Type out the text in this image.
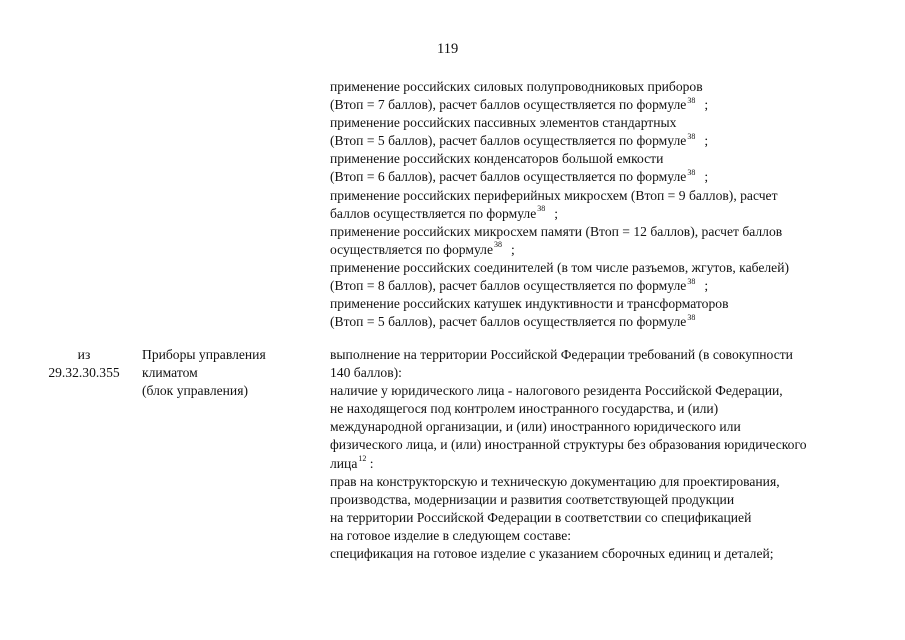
119
применение российских силовых полупроводниковых приборов
(Втоп = 7 баллов), расчет баллов осуществляется по формуле$^{38}$ ;
применение российских пассивных элементов стандартных
(Втоп = 5 баллов), расчет баллов осуществляется по формуле$^{38}$ ;
применение российских конденсаторов большой емкости
(Втоп = 6 баллов), расчет баллов осуществляется по формуле$^{38}$ ;
применение российских периферийных микросхем (Втоп = 9 баллов), расчет
баллов осуществляется по формуле$^{38}$ ;
применение российских микросхем памяти (Втоп = 12 баллов), расчет баллов
осуществляется по формуле$^{38}$ ;
применение российских соединителей (в том числе разъемов, жгутов, кабелей)
(Втоп = 8 баллов), расчет баллов осуществляется по формуле$^{38}$ ;
применение российских катушек индуктивности и трансформаторов
(Втоп = 5 баллов), расчет баллов осуществляется по формуле$^{38}$
из
29.32.30.355
Приборы управления
климатом
(блок управления)
выполнение на территории Российской Федерации требований (в совокупности
140 баллов):
наличие у юридического лица - налогового резидента Российской Федерации,
не находящегося под контролем иностранного государства, и (или)
международной организации, и (или) иностранного юридического или
физического лица, и (или) иностранной структуры без образования юридического
лица$^{12}$ :
прав на конструкторскую и техническую документацию для проектирования,
производства, модернизации и развития соответствующей продукции
на территории Российской Федерации в соответствии со спецификацией
на готовое изделие в следующем составе:
спецификация на готовое изделие с указанием сборочных единиц и деталей;
